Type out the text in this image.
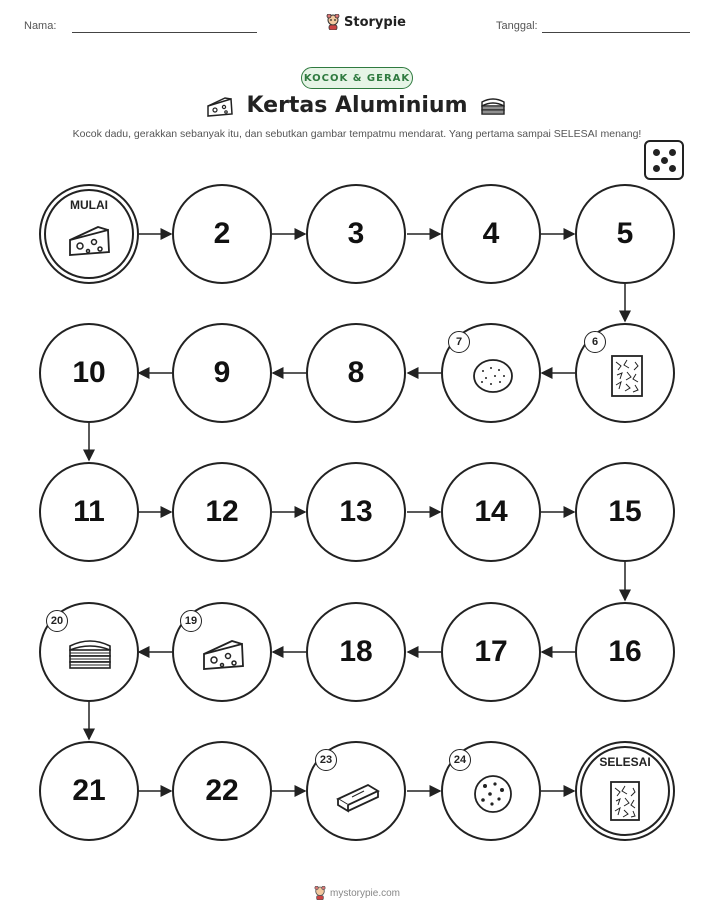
Nama:	Storypie	Tanggal:
KOCOK & GERAK
Kertas Aluminium
Kocok dadu, gerakkan sebanyak itu, dan sebutkan gambar tempatmu mendarat. Yang pertama sampai SELESAI menang!
MULAI
2	3	4	5
10	9	8
7	6
11	12	13	14	15
20	19
18	17	16
21	22
23	24	SELESAI
mystorypie.com
